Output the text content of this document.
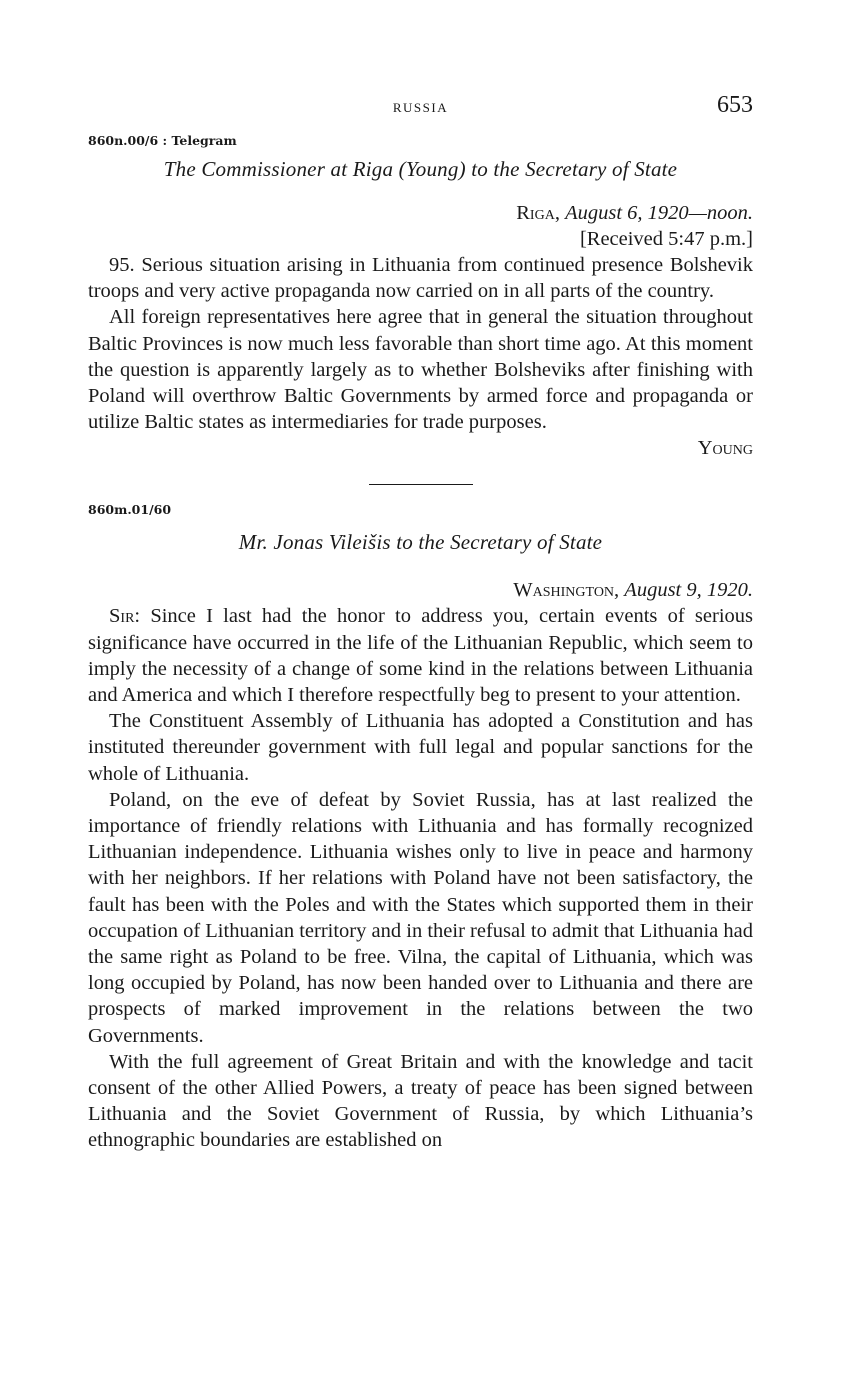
RUSSIA	653
860n.00/6 : Telegram
The Commissioner at Riga (Young) to the Secretary of State
Riga, August 6, 1920—noon.
[Received 5:47 p.m.]

95. Serious situation arising in Lithuania from continued presence Bolshevik troops and very active propaganda now carried on in all parts of the country.

All foreign representatives here agree that in general the situation throughout Baltic Provinces is now much less favorable than short time ago. At this moment the question is apparently largely as to whether Bolsheviks after finishing with Poland will overthrow Baltic Governments by armed force and propaganda or utilize Baltic states as intermediaries for trade purposes.

Young
860m.01/60
Mr. Jonas Vileišis to the Secretary of State
Washington, August 9, 1920.

Sir: Since I last had the honor to address you, certain events of serious significance have occurred in the life of the Lithuanian Republic, which seem to imply the necessity of a change of some kind in the relations between Lithuania and America and which I therefore respectfully beg to present to your attention.

The Constituent Assembly of Lithuania has adopted a Constitution and has instituted thereunder government with full legal and popular sanctions for the whole of Lithuania.

Poland, on the eve of defeat by Soviet Russia, has at last realized the importance of friendly relations with Lithuania and has formally recognized Lithuanian independence. Lithuania wishes only to live in peace and harmony with her neighbors. If her relations with Poland have not been satisfactory, the fault has been with the Poles and with the States which supported them in their occupation of Lithuanian territory and in their refusal to admit that Lithuania had the same right as Poland to be free. Vilna, the capital of Lithuania, which was long occupied by Poland, has now been handed over to Lithuania and there are prospects of marked improvement in the relations between the two Governments.

With the full agreement of Great Britain and with the knowledge and tacit consent of the other Allied Powers, a treaty of peace has been signed between Lithuania and the Soviet Government of Russia, by which Lithuania’s ethnographic boundaries are established on
